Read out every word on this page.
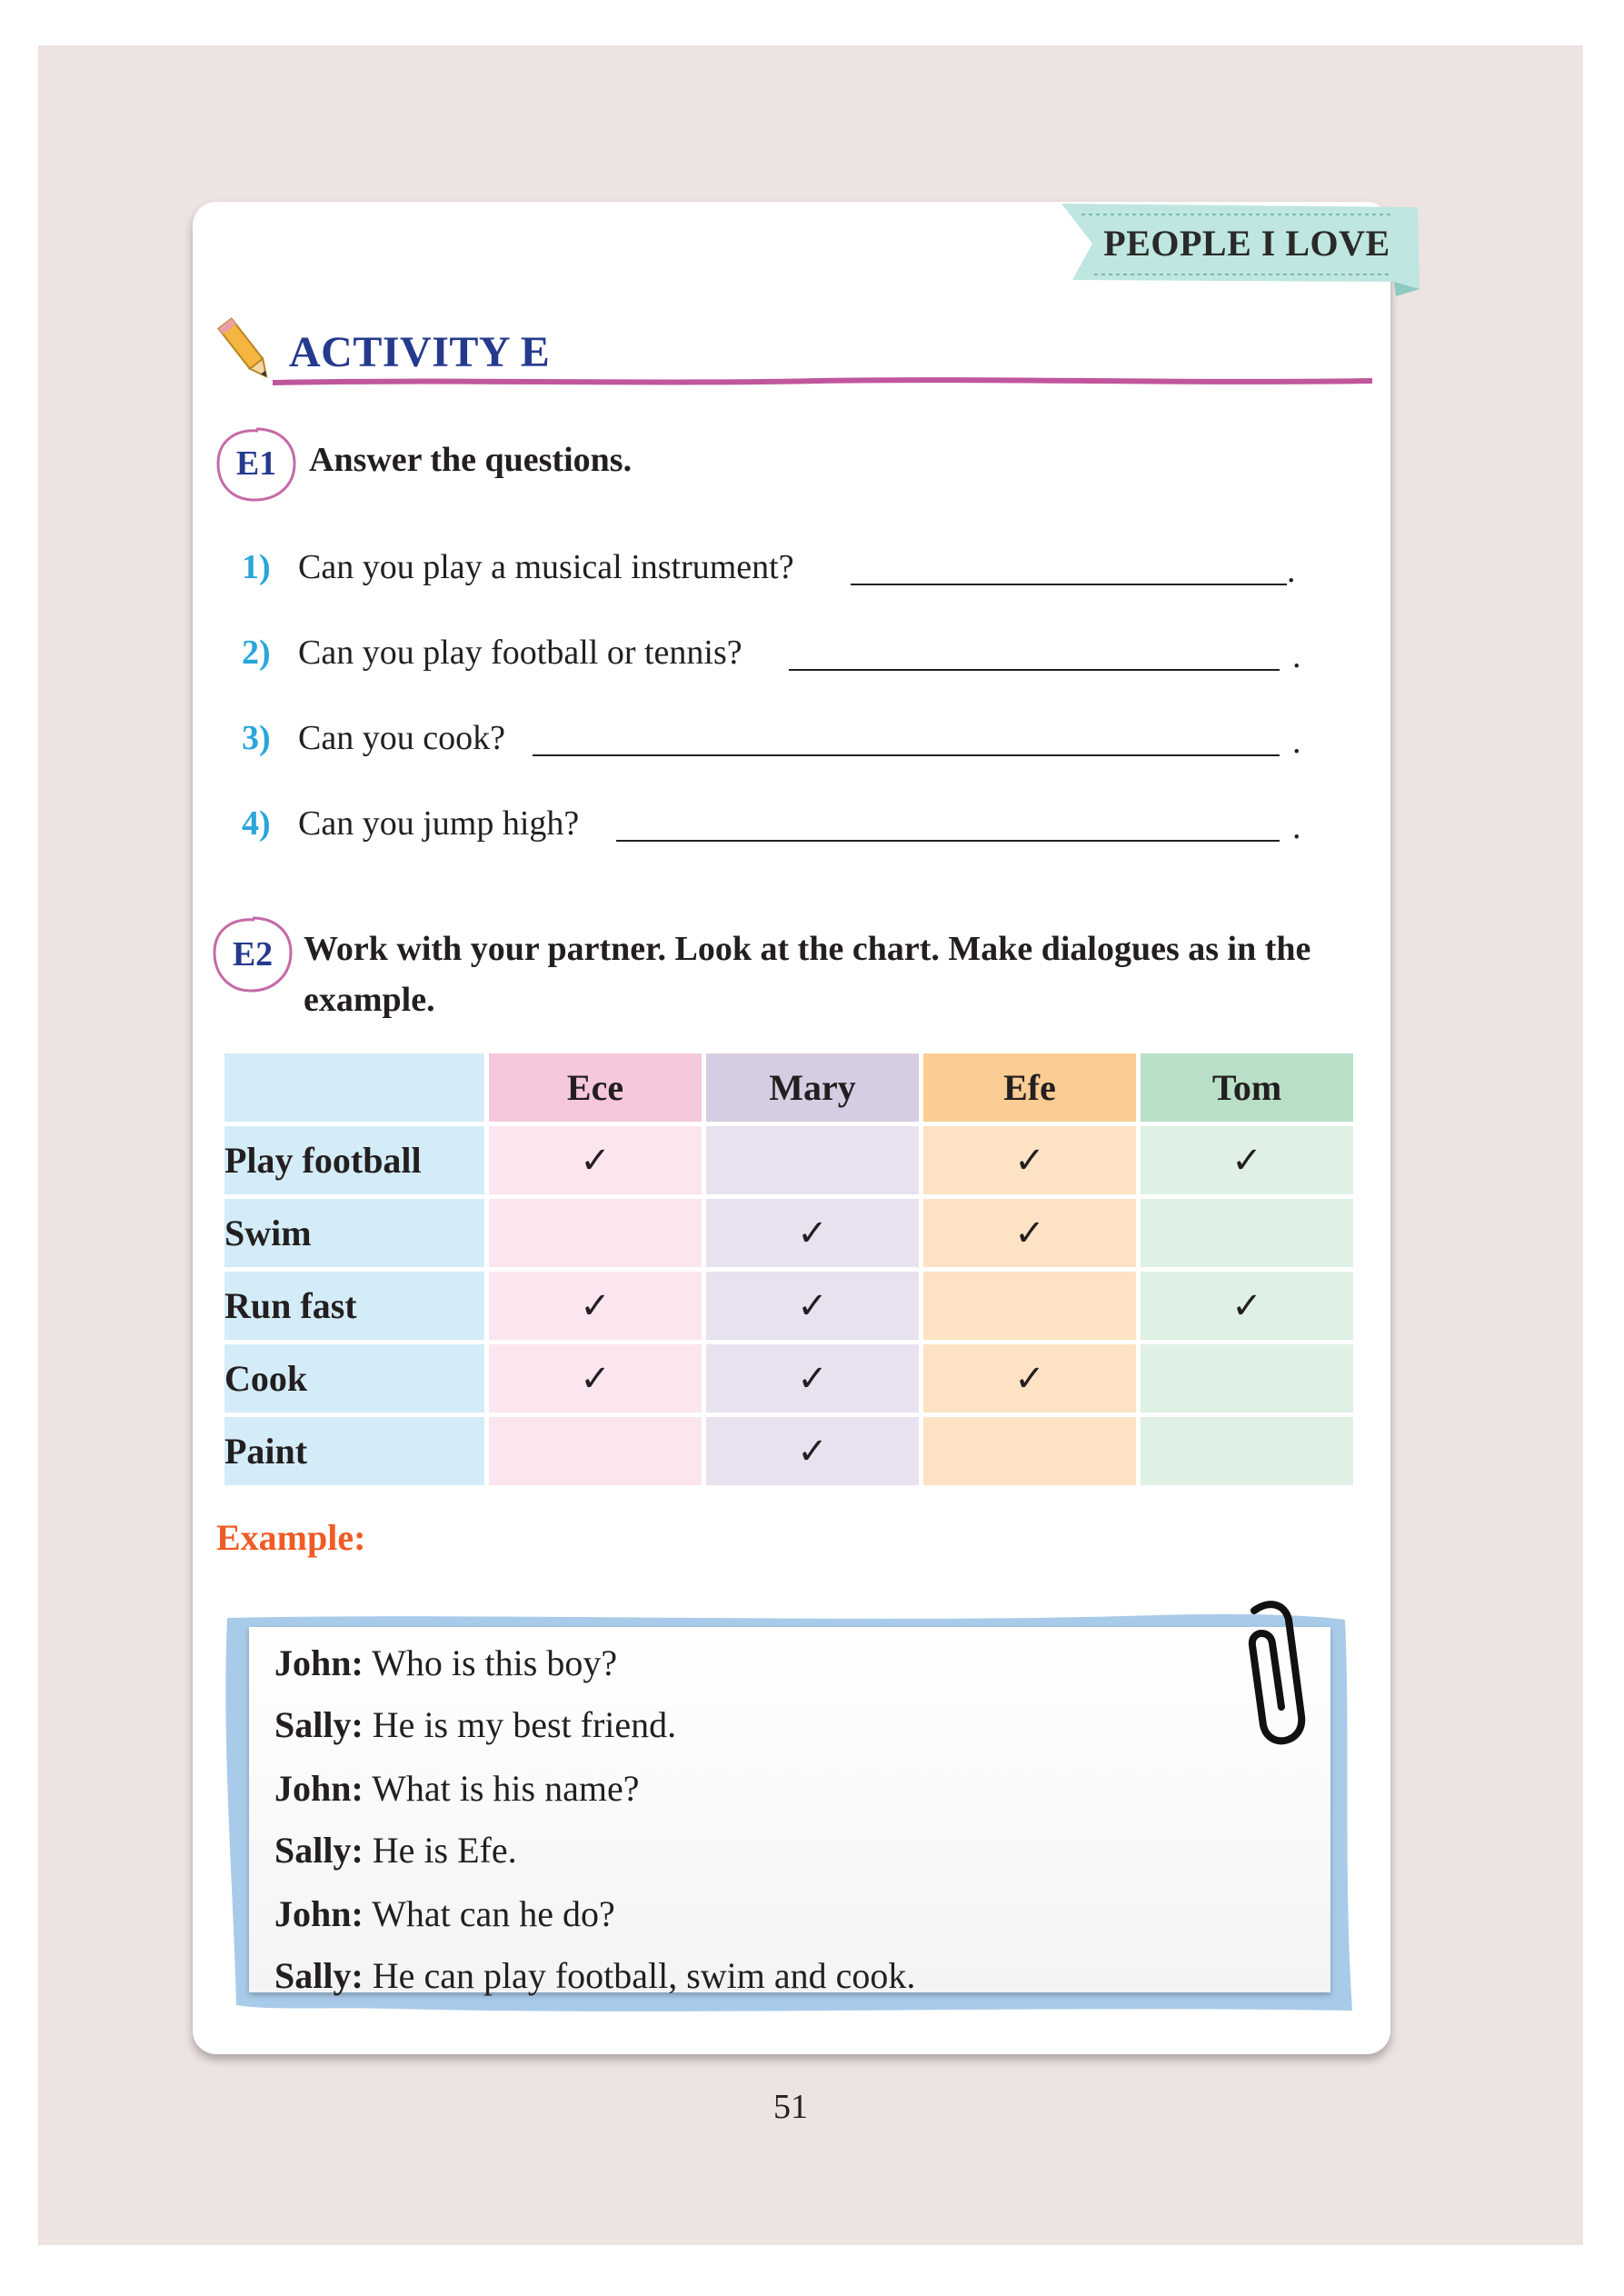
PEOPLE I LOVE
ACTIVITY E
E1 Answer the questions.
1) Can you play a musical instrument?	.
2) Can you play football or tennis?	.
3) Can you cook?	.
4) Can you jump high?	.
E2 Work with your partner. Look at the chart. Make dialogues as in the
example.
	Ece	Mary	Efe	Tom
Play football	✓		✓	✓
Swim		✓	✓	
Run fast	✓	✓		✓
Cook	✓	✓	✓	
Paint		✓		
Example:
John: Who is this boy?
Sally: He is my best friend.
John: What is his name?
Sally: He is Efe.
John: What can he do?
Sally: He can play football, swim and cook.
51
